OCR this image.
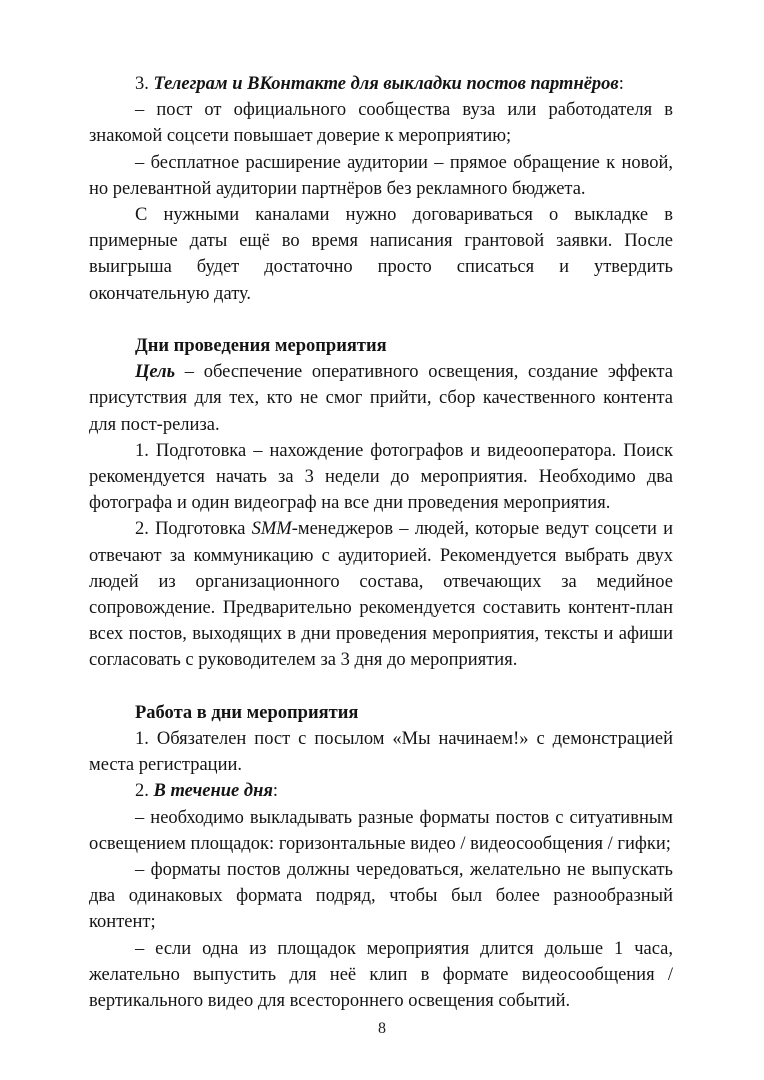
3. Телеграм и ВКонтакте для выкладки постов партнёров:

– пост от официального сообщества вуза или работодателя в знакомой соцсети повышает доверие к мероприятию;

– бесплатное расширение аудитории – прямое обращение к новой, но релевантной аудитории партнёров без рекламного бюджета.

С нужными каналами нужно договариваться о выкладке в примерные даты ещё во время написания грантовой заявки. После выигрыша будет достаточно просто списаться и утвердить окончательную дату.

Дни проведения мероприятия

Цель – обеспечение оперативного освещения, создание эффекта присутствия для тех, кто не смог прийти, сбор качественного контента для пост-релиза.

1. Подготовка – нахождение фотографов и видеооператора. Поиск рекомендуется начать за 3 недели до мероприятия. Необходимо два фотографа и один видеограф на все дни проведения мероприятия.

2. Подготовка SMM-менеджеров – людей, которые ведут соцсети и отвечают за коммуникацию с аудиторией. Рекомендуется выбрать двух людей из организационного состава, отвечающих за медийное сопровождение. Предварительно рекомендуется составить контент-план всех постов, выходящих в дни проведения мероприятия, тексты и афиши согласовать с руководителем за 3 дня до мероприятия.

Работа в дни мероприятия

1. Обязателен пост с посылом «Мы начинаем!» с демонстрацией места регистрации.

2. В течение дня:

– необходимо выкладывать разные форматы постов с ситуативным освещением площадок: горизонтальные видео / видеосообщения / гифки;

– форматы постов должны чередоваться, желательно не выпускать два одинаковых формата подряд, чтобы был более разнообразный контент;

– если одна из площадок мероприятия длится дольше 1 часа, желательно выпустить для неё клип в формате видеосообщения / вертикального видео для всестороннего освещения событий.

8
